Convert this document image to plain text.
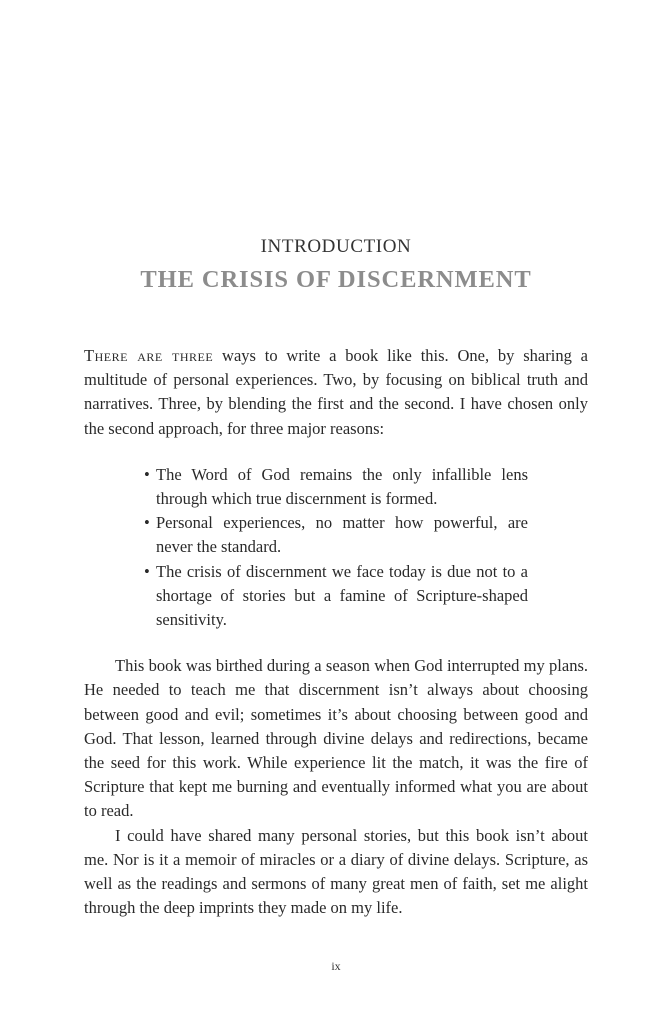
INTRODUCTION
THE CRISIS OF DISCERNMENT

There are three ways to write a book like this. One, by sharing a multitude of personal experiences. Two, by focusing on biblical truth and narratives. Three, by blending the first and the second. I have chosen only the second approach, for three major reasons:

• The Word of God remains the only infallible lens through which true discernment is formed.
• Personal experiences, no matter how powerful, are never the standard.
• The crisis of discernment we face today is due not to a shortage of stories but a famine of Scripture-shaped sensitivity.

This book was birthed during a season when God interrupted my plans. He needed to teach me that discernment isn’t always about choosing between good and evil; sometimes it’s about choosing between good and God. That lesson, learned through divine delays and redirections, became the seed for this work. While experience lit the match, it was the fire of Scripture that kept me burning and eventually informed what you are about to read.

I could have shared many personal stories, but this book isn’t about me. Nor is it a memoir of miracles or a diary of divine delays. Scripture, as well as the readings and sermons of many great men of faith, set me alight through the deep imprints they made on my life.

ix
